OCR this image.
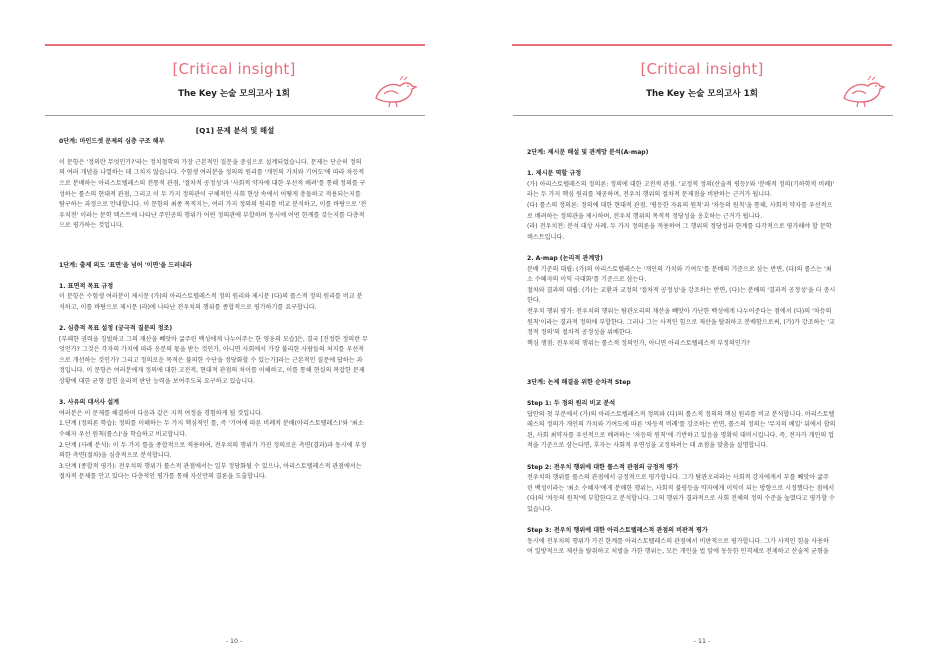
[Critical insight]
The Key 논술 모의고사 1회

[Q1] 문제 분석 및 해설

0단계: 마인드셋 문제의 심층 구조 해부

이 문항은 '정의란 무엇인가?'라는 정치철학의 가장 근본적인 질문을 중심으로 설계되었습니다. 문제는 단순히 정의

의 여러 개념을 나열하는 데 그치지 않습니다. 수험생 여러분을 정의의 원리를 '개인의 가치와 기여도'에 따라 차등적

으로 분배하는 아리스토텔레스의 전통적 관점, '절차적 공정성'과 '사회적 약자에 대한 우선적 배려'를 통해 정의를 구

성하는 롤스의 현대적 관점, 그리고 이 두 가지 정의관이 구체적인 사회 현상 속에서 어떻게 충돌하고 적용되는지를

탐구하는 과정으로 안내합니다. 이 문항의 최종 목적지는, 여러 가지 정의의 원리를 비교 분석하고, 이를 바탕으로 '전

우치전' 이라는 문학 텍스트에 나타난 주인공의 행위가 어떤 정의관에 부합하며 동시에 어떤 한계를 갖는지를 다층적

으로 평가하는 것입니다.

1단계: 출제 의도 '표면'을 넘어 '이면'을 드러내라

1. 표면적 목표 규정

이 문항은 수험생 여러분이 제시문 (가)의 아리스토텔레스적 정의 원리와 제시문 (다)의 롤스적 정의 원리를 비교 분

석하고, 이를 바탕으로 제시문 (라)에 나타난 전우치의 행위를 종합적으로 평가하기를 요구합니다.

2. 심층적 목표 설정 (궁극적 질문의 정조)

[부패한 권력을 징벌하고 그의 재산을 빼앗아 굶주린 백성에게 나누어주는 한 영웅의 모습]은, 결국 [진정한 정의란 무

엇인가? 그것은 각자의 가치에 따라 응분의 몫을 받는 것인가, 아니면 사회에서 가장 불리한 사람들의 처지를 우선적

으로 개선하는 것인가? 그리고 정의로운 목적은 불의한 수단을 정당화할 수 있는가]라는 근본적인 질문에 답하는 과

정입니다. 이 문항은 여러분에게 정의에 대한 고전적, 현대적 관점의 차이를 이해하고, 이를 통해 현실의 복잡한 문제

상황에 대한 균형 잡힌 윤리적 판단 능력을 보여주도록 요구하고 있습니다.

3. 사유의 대서사 설계

여러분은 이 문제를 해결하며 다음과 같은 지적 여정을 경험하게 될 것입니다.

1.단계 (정의론 학습): 정의를 이해하는 두 가지 핵심적인 틀, 즉 '기여에 따른 비례적 분배(아리스토텔레스)'와 '최소

수혜자 우선 원칙(롤스)'을 학습하고 비교합니다.

2.단계 (사례 분석): 이 두 가지 틀을 종합적으로 적용하여, 전우치의 행위가 가진 정의로운 측면(결과)과 동시에 부정

의한 측면(절차)을 심층적으로 분석합니다.

3.단계 (종합적 평가): 전우치의 행위가 롤스적 관점에서는 일부 정당화될 수 있으나, 아리스토텔레스적 관점에서는

절차적 문제를 안고 있다는 다층적인 평가를 통해 자신만의 결론을 도출합니다.

- 10 -
[Critical insight]
The Key 논술 모의고사 1회

2단계: 제시문 해설 및 관계망 분석(A-map)

1. 제시문 역할 규정

(가) 아리스토텔레스의 정의론: 정의에 대한 고전적 관점. '교정적 정의(산술적 평등)'와 '분배적 정의(기하학적 비례)'

라는 두 가지 핵심 원리를 제공하며, 전우치 행위의 절차적 문제점을 비판하는 근거가 됩니다.

(다) 롤스의 정의론: 정의에 대한 현대적 관점. '평등한 자유의 원칙'과 '차등의 원칙'을 통해, 사회적 약자를 우선적으

로 배려하는 정의관을 제시하며, 전우치 행위의 목적적 정당성을 옹호하는 근거가 됩니다.

(라) 전우치전: 분석 대상 사례. 두 가지 정의론을 적용하여 그 행위의 정당성과 한계를 다각적으로 평가해야 할 문학

텍스트입니다.

2. A-map (논리적 관계망)

분배 기준의 대립: (가)의 아리스토텔레스는 '개인의 가치와 기여도'를 분배의 기준으로 삼는 반면, (다)의 롤스는 '최

소 수혜자의 이익 극대화'를 기준으로 삼는다.

절차와 결과의 대립: (가)는 교환과 교정의 '절차적 공정성'을 강조하는 반면, (다)는 분배의 '결과적 공정성'을 더 중시

한다.

전우치 행위 평가: 전우치의 행위는 탐관오리의 재산을 빼앗아 가난한 백성에게 나누어준다는 점에서 (다)의 '차등의

원칙'이라는 결과적 정의에 부합한다. 그러나 그는 사적인 힘으로 재산을 탈취하고 분배함으로써, (가)가 강조하는 '교

정적 정의'의 절차적 공정성을 위배한다.

핵심 쟁점: 전우치의 행위는 롤스적 정의인가, 아니면 아리스토텔레스적 부정의인가?

3단계: 논제 해결을 위한 순차적 Step

Step 1: 두 정의 원리 비교 분석

답안의 첫 부분에서 (가)의 아리스토텔레스적 정의와 (다)의 롤스적 정의의 핵심 원리를 비교 분석합니다. 아리스토텔

레스의 정의가 개인의 가치와 기여도에 따른 '차등적 비례'를 강조하는 반면, 롤스의 정의는 '무지의 베일' 뒤에서 합의

된, 사회 최약자를 우선적으로 배려하는 '차등의 원칙'에 기반하고 있음을 명확히 대비시킵니다. 즉, 전자가 개인의 업

적을 기준으로 삼는다면, 후자는 사회적 우연성을 교정하려는 데 초점을 맞춤을 설명합니다.

Step 2: 전우치 행위에 대한 롤스적 관점의 긍정적 평가

전우치의 행위를 롤스의 관점에서 긍정적으로 평가합니다. 그가 탐관오리라는 사회적 강자에게서 부를 빼앗아 굶주

린 백성이라는 '최소 수혜자'에게 분배한 행위는, 사회적 불평등을 약자에게 이익이 되는 방향으로 시정했다는 점에서

(다)의 '차등의 원칙'에 부합한다고 분석합니다. 그의 행위가 결과적으로 사회 전체의 정의 수준을 높였다고 평가할 수

있습니다.

Step 3: 전우치 행위에 대한 아리스토텔레스적 관점의 비판적 평가

동시에 전우치의 행위가 가진 한계를 아리스토텔레스의 관점에서 비판적으로 평가합니다. 그가 사적인 힘을 사용하

여 일방적으로 재산을 탈취하고 처벌을 가한 행위는, 모든 개인을 법 앞에 동등한 인격체로 전제하고 산술적 균형을

- 11 -
